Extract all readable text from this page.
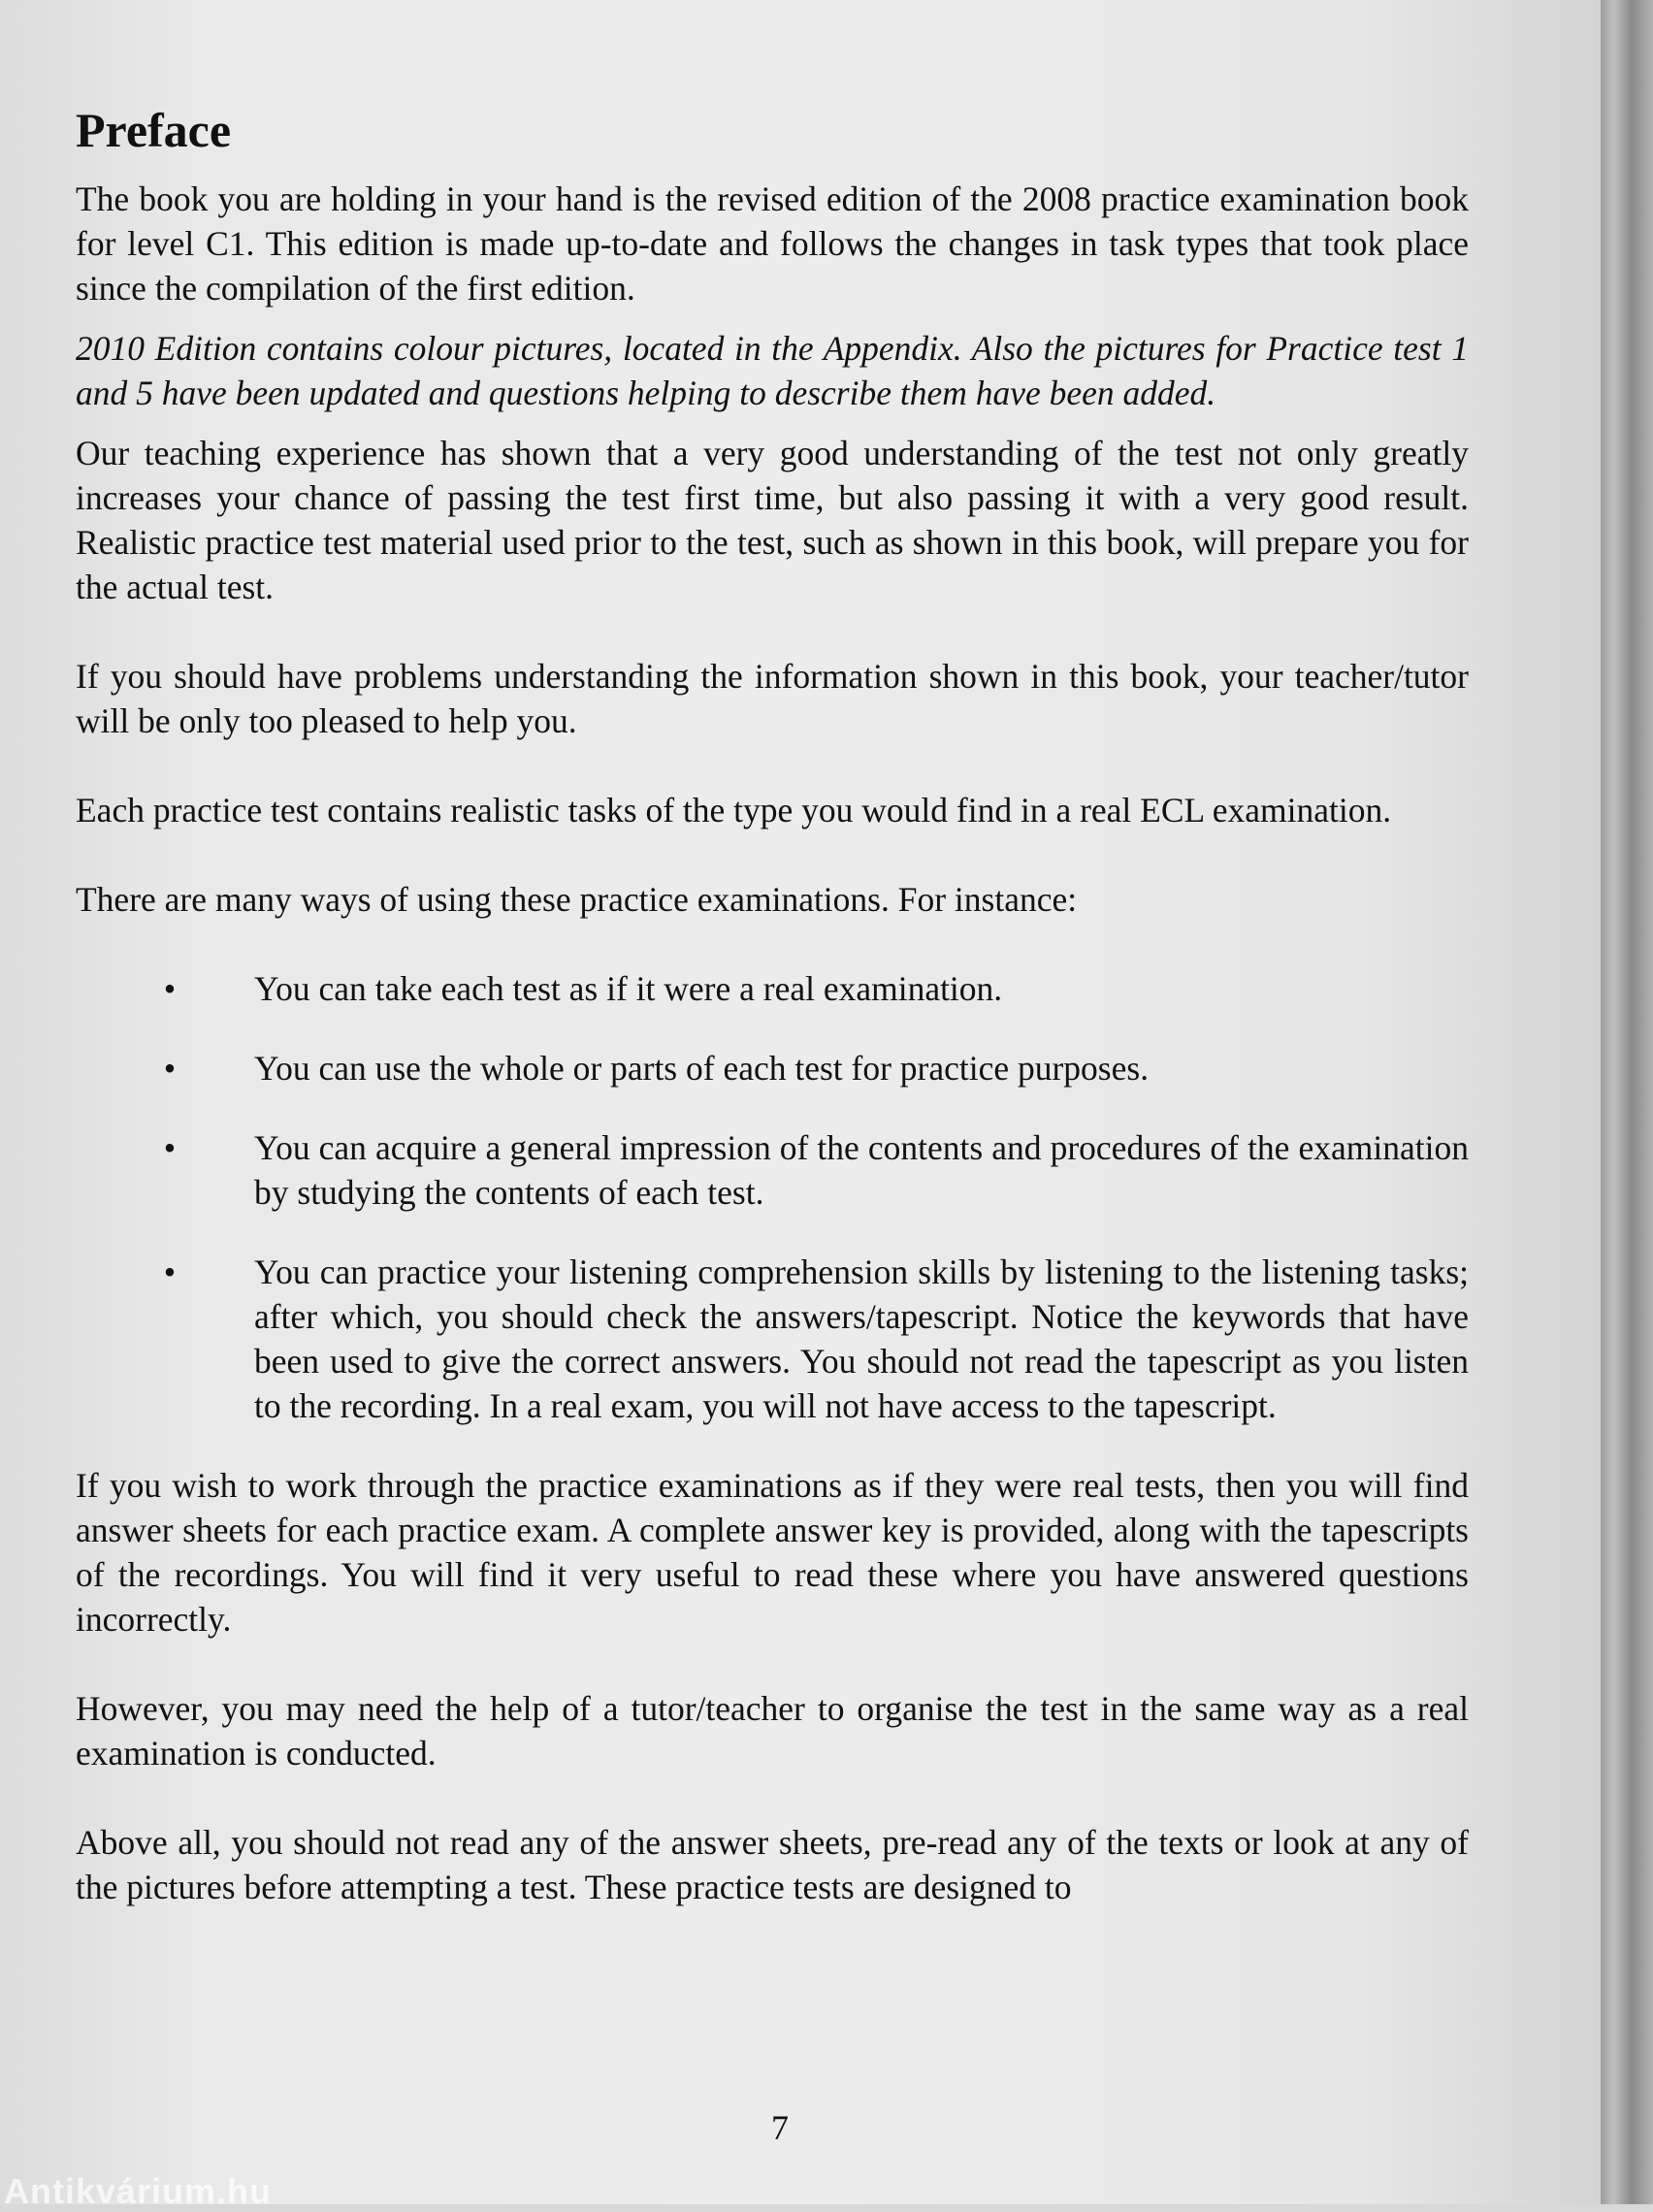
Preface

The book you are holding in your hand is the revised edition of the 2008 practice examination book for level C1. This edition is made up-to-date and follows the changes in task types that took place since the compilation of the first edition.

2010 Edition contains colour pictures, located in the Appendix. Also the pictures for Practice test 1 and 5 have been updated and questions helping to describe them have been added.

Our teaching experience has shown that a very good understanding of the test not only greatly increases your chance of passing the test first time, but also passing it with a very good result. Realistic practice test material used prior to the test, such as shown in this book, will prepare you for the actual test.

If you should have problems understanding the information shown in this book, your teacher/tutor will be only too pleased to help you.

Each practice test contains realistic tasks of the type you would find in a real ECL examination.

There are many ways of using these practice examinations. For instance:

• You can take each test as if it were a real examination.
• You can use the whole or parts of each test for practice purposes.
• You can acquire a general impression of the contents and procedures of the examination by studying the contents of each test.
• You can practice your listening comprehension skills by listening to the listening tasks; after which, you should check the answers/tapescript. Notice the keywords that have been used to give the correct answers. You should not read the tapescript as you listen to the recording. In a real exam, you will not have access to the tapescript.

If you wish to work through the practice examinations as if they were real tests, then you will find answer sheets for each practice exam. A complete answer key is provided, along with the tapescripts of the recordings. You will find it very useful to read these where you have answered questions incorrectly.

However, you may need the help of a tutor/teacher to organise the test in the same way as a real examination is conducted.

Above all, you should not read any of the answer sheets, pre-read any of the texts or look at any of the pictures before attempting a test. These practice tests are designed to

7
Antikvárium.hu
